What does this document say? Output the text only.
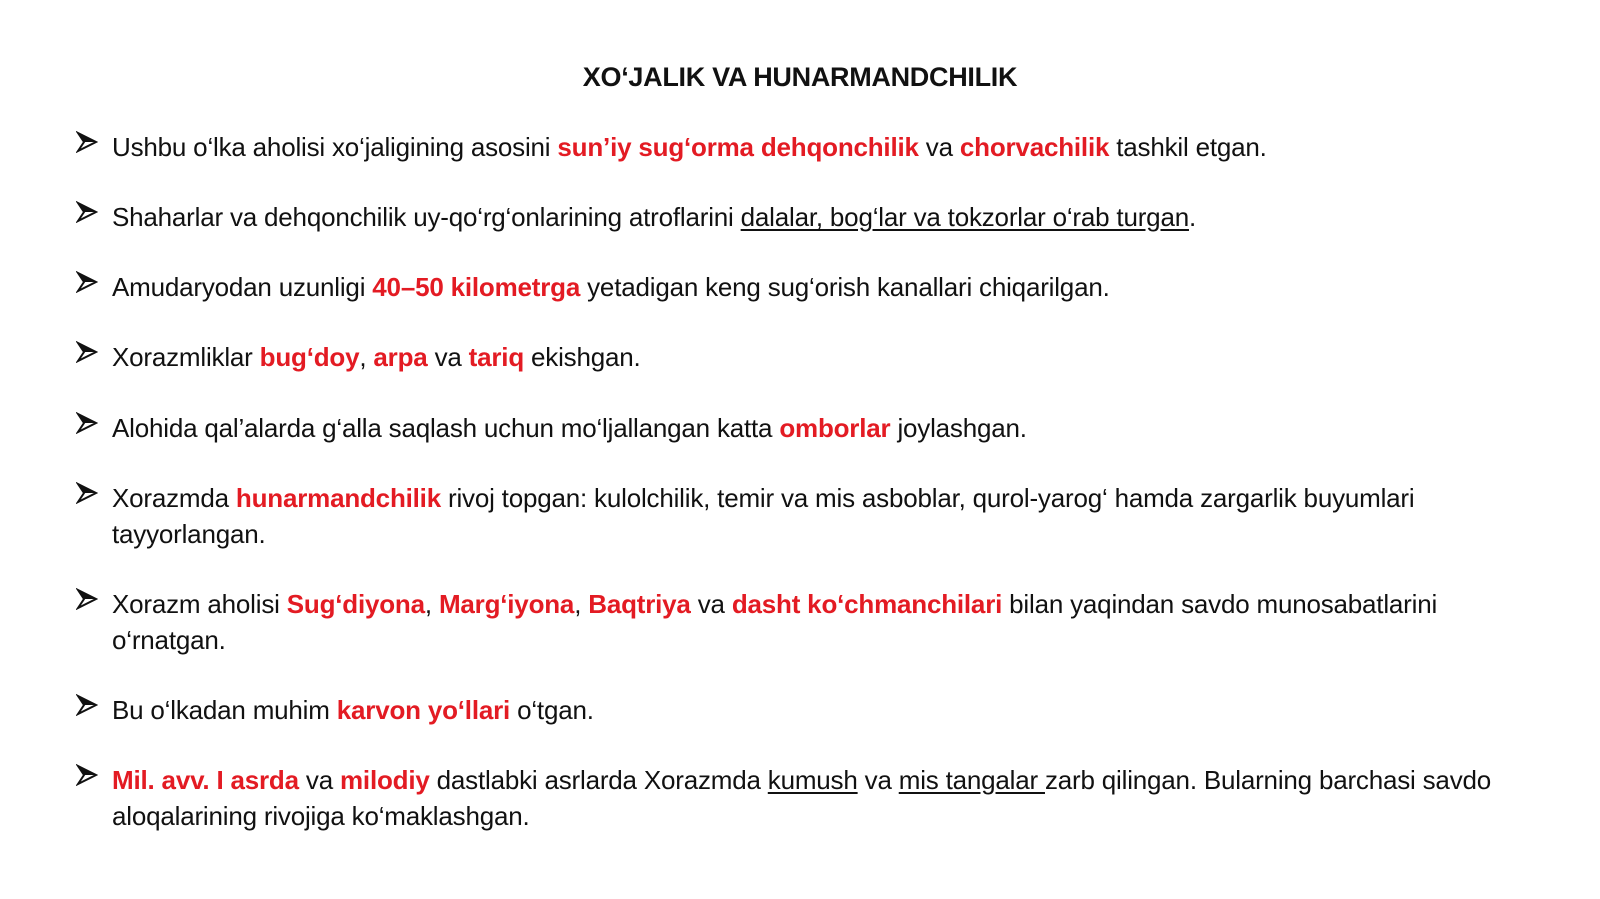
XO‘JALIK VA HUNARMANDCHILIK
Ushbu o‘lka aholisi xo‘jaligining asosini sun’iy sug‘orma dehqonchilik va chorvachilik tashkil etgan.
Shaharlar va dehqonchilik uy-qo‘rg‘onlarining atroflarini dalalar, bog‘lar va tokzorlar o‘rab turgan.
Amudaryodan uzunligi 40–50 kilometrga yetadigan keng sug‘orish kanallari chiqarilgan.
Xorazmliklar bug‘doy, arpa va tariq ekishgan.
Alohida qal’alarda g‘alla saqlash uchun mo‘ljallangan katta omborlar joylashgan.
Xorazmda hunarmandchilik rivoj topgan: kulolchilik, temir va mis asboblar, qurol-yarog‘ hamda zargarlik buyumlari tayyorlangan.
Xorazm aholisi Sug‘diyona, Marg‘iyona, Baqtriya va dasht ko‘chmanchilari bilan yaqindan savdo munosabatlarini o‘rnatgan.
Bu o‘lkadan muhim karvon yo‘llari o‘tgan.
Mil. avv. I asrda va milodiy dastlabki asrlarda Xorazmda kumush va mis tangalar zarb qilingan. Bularning barchasi savdo aloqalarining rivojiga ko‘maklashgan.
